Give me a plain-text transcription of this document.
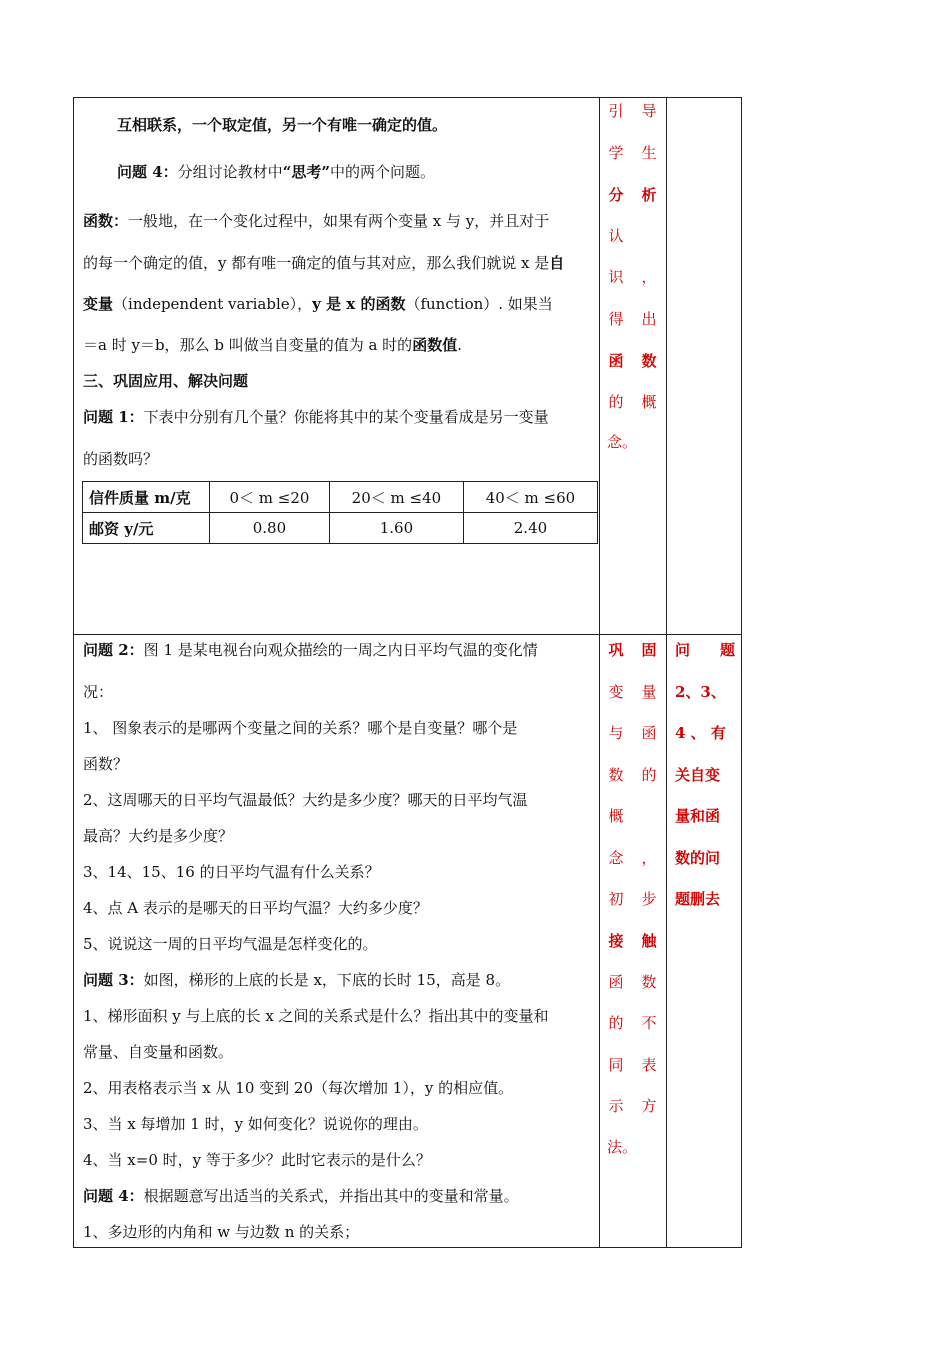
互相联系，一个取定值，另一个有唯一确定的值。
问题 4：分组讨论教材中“思考”中的两个问题。
函数：一般地，在一个变化过程中，如果有两个变量 x 与 y，并且对于
的每一个确定的值，y 都有唯一确定的值与其对应，那么我们就说 x 是自
变量（independent variable），y 是 x 的函数（function）. 如果当
＝a 时 y＝b，那么 b 叫做当自变量的值为 a 时的函数值.
三、巩固应用、解决问题
问题 1：下表中分别有几个量？你能将其中的某个变量看成是另一变量
的函数吗？
信件质量 m/克	0＜ m ≤20	20＜ m ≤40	40＜ m ≤60
邮资 y/元	0.80	1.60	2.40
引 导
学 生
分 析
认
识 ，
得 出
函 数
的 概
念。
问题 2：图 1 是某电视台向观众描绘的一周之内日平均气温的变化情
况：
1、 图象表示的是哪两个变量之间的关系？哪个是自变量？哪个是
函数？
2、这周哪天的日平均气温最低？大约是多少度？哪天的日平均气温
最高？大约是多少度？
3、14、15、16 的日平均气温有什么关系？
4、点 A 表示的是哪天的日平均气温？大约多少度？
5、说说这一周的日平均气温是怎样变化的。
问题 3：如图，梯形的上底的长是 x，下底的长时 15，高是 8。
1、梯形面积 y 与上底的长 x 之间的关系式是什么？指出其中的变量和
常量、自变量和函数。
2、用表格表示当 x 从 10 变到 20（每次增加 1），y 的相应值。
3、当 x 每增加 1 时，y 如何变化？说说你的理由。
4、当 x=0 时，y 等于多少？此时它表示的是什么？
问题 4：根据题意写出适当的关系式，并指出其中的变量和常量。
1、多边形的内角和 w 与边数 n 的关系；
巩 固
变 量
与 函
数 的
概
念 ，
初 步
接 触
函 数
的 不
同 表
示 方
法。
问　　题
2、3、
4 、 有
关自变
量和函
数的问
题删去
